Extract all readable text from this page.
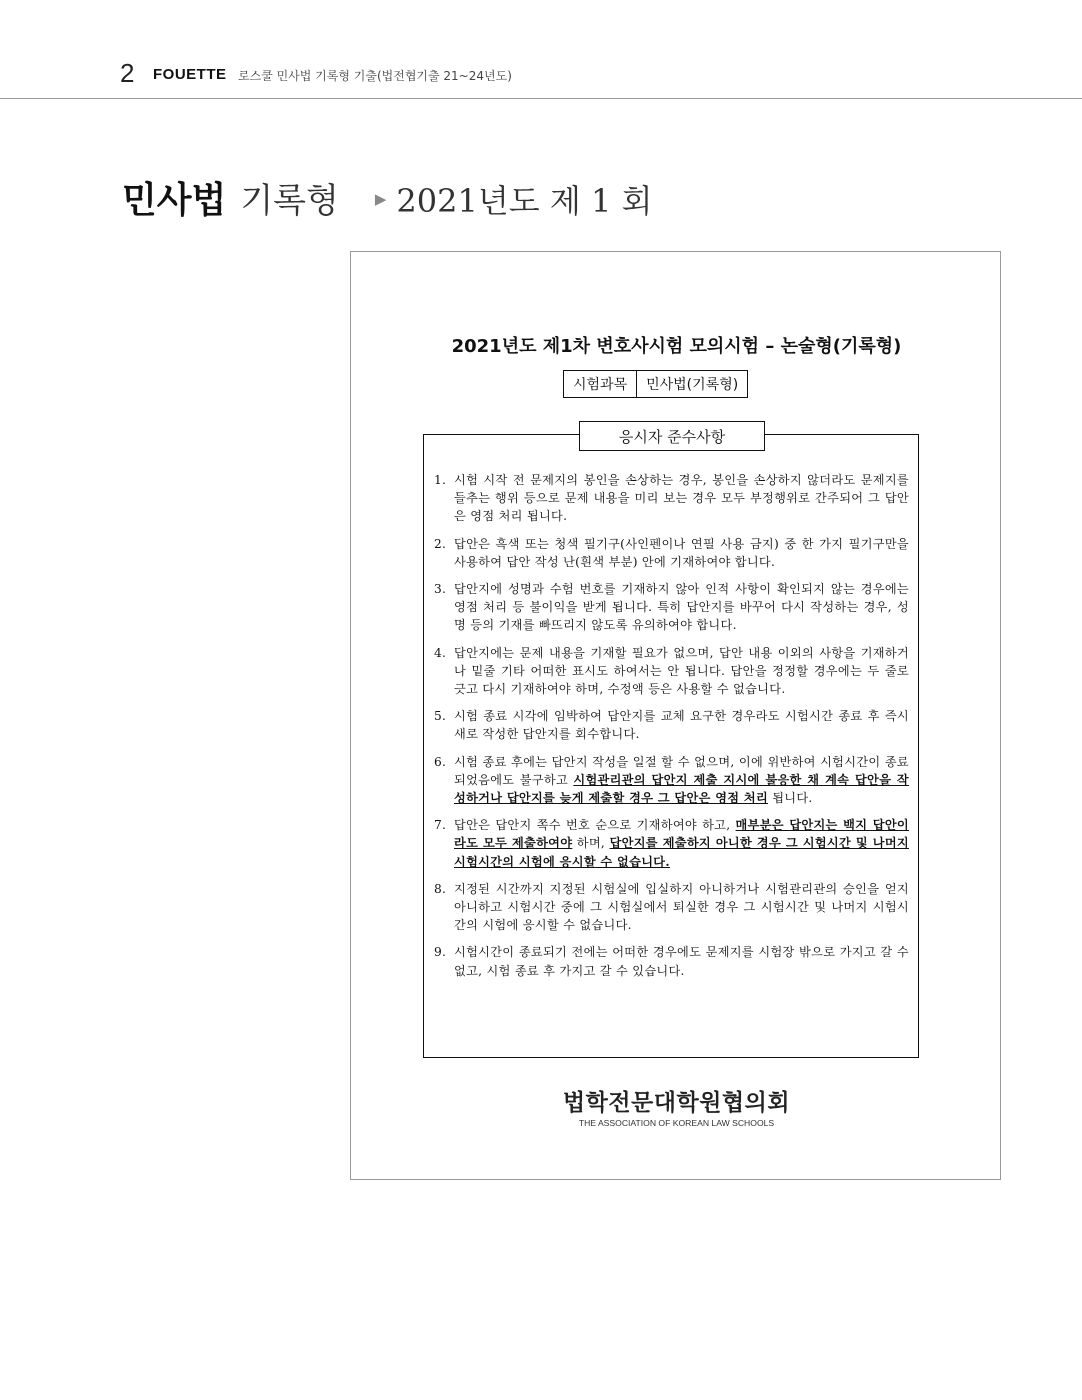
2 FOUETTE 로스쿨 민사법 기록형 기출(법전협기출 21~24년도)
민사법 기록형 ▶ 2021년도 제 1 회
2021년도 제1차 변호사시험 모의시험 – 논술형(기록형)
시험과목	민사법(기록형)
응시자 준수사항
1. 시험 시작 전 문제지의 봉인을 손상하는 경우, 봉인을 손상하지 않더라도 문제지를 들추는 행위 등으로 문제 내용을 미리 보는 경우 모두 부정행위로 간주되어 그 답안은 영점 처리 됩니다.
2. 답안은 흑색 또는 청색 필기구(사인펜이나 연필 사용 금지) 중 한 가지 필기구만을 사용하여 답안 작성 난(흰색 부분) 안에 기재하여야 합니다.
3. 답안지에 성명과 수험 번호를 기재하지 않아 인적 사항이 확인되지 않는 경우에는 영점 처리 등 불이익을 받게 됩니다. 특히 답안지를 바꾸어 다시 작성하는 경우, 성명 등의 기재를 빠뜨리지 않도록 유의하여야 합니다.
4. 답안지에는 문제 내용을 기재할 필요가 없으며, 답안 내용 이외의 사항을 기재하거나 밑줄 기타 어떠한 표시도 하여서는 안 됩니다. 답안을 정정할 경우에는 두 줄로 긋고 다시 기재하여야 하며, 수정액 등은 사용할 수 없습니다.
5. 시험 종료 시각에 임박하여 답안지를 교체 요구한 경우라도 시험시간 종료 후 즉시 새로 작성한 답안지를 회수합니다.
6. 시험 종료 후에는 답안지 작성을 일절 할 수 없으며, 이에 위반하여 시험시간이 종료되었음에도 불구하고 시험관리관의 답안지 제출 지시에 불응한 채 계속 답안을 작성하거나 답안지를 늦게 제출할 경우 그 답안은 영점 처리 됩니다.
7. 답안은 답안지 쪽수 번호 순으로 기재하여야 하고, 매부분은 답안지는 백지 답안이라도 모두 제출하여야 하며, 답안지를 제출하지 아니한 경우 그 시험시간 및 나머지 시험시간의 시험에 응시할 수 없습니다.
8. 지정된 시간까지 지정된 시험실에 입실하지 아니하거나 시험관리관의 승인을 얻지 아니하고 시험시간 중에 그 시험실에서 퇴실한 경우 그 시험시간 및 나머지 시험시간의 시험에 응시할 수 없습니다.
9. 시험시간이 종료되기 전에는 어떠한 경우에도 문제지를 시험장 밖으로 가지고 갈 수 없고, 시험 종료 후 가지고 갈 수 있습니다.
법학전문대학원협의회
THE ASSOCIATION OF KOREAN LAW SCHOOLS
